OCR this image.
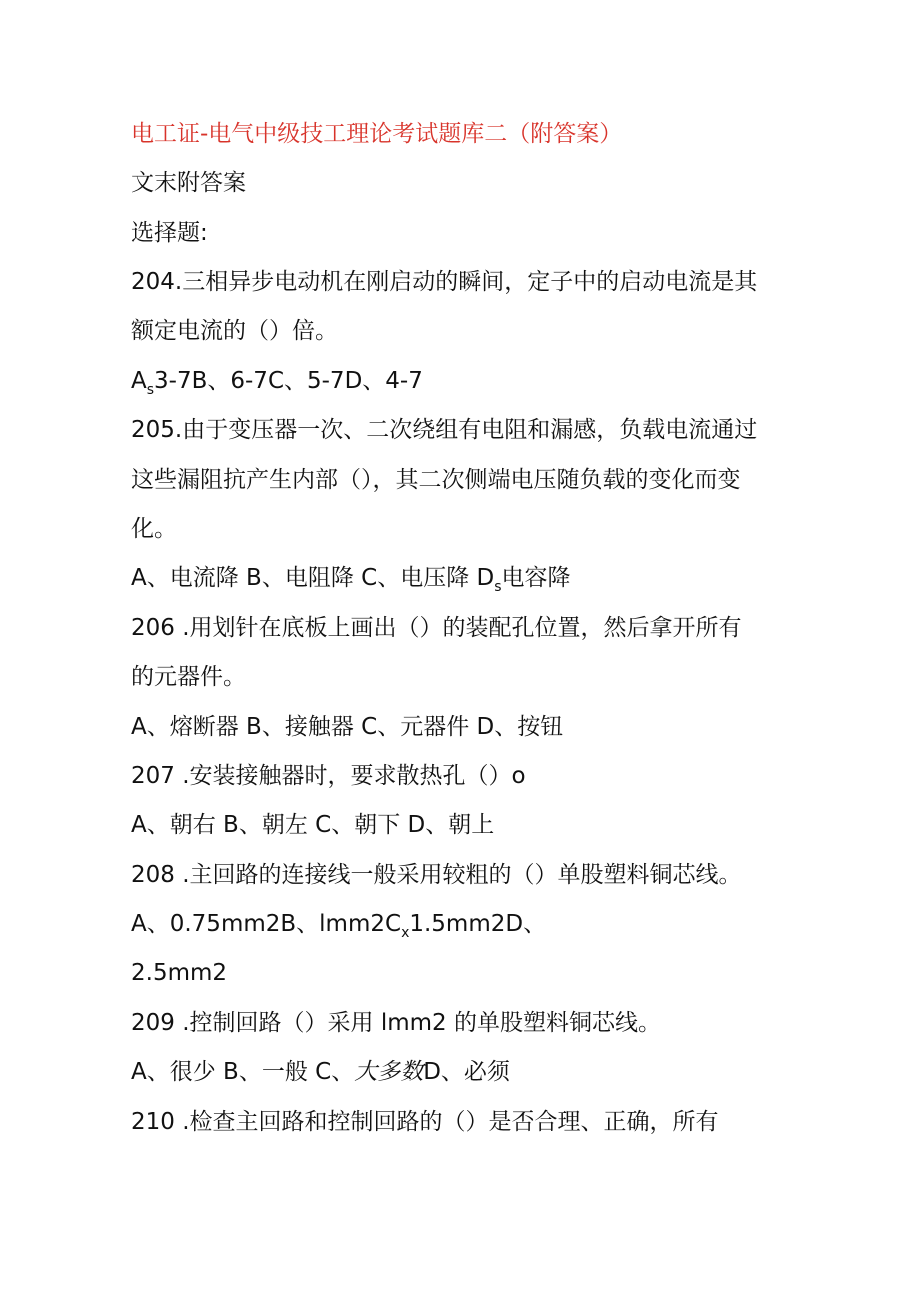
电工证-电气中级技工理论考试题库二（附答案）

文末附答案

选择题:

204.三相异步电动机在刚启动的瞬间，定子中的启动电流是其

额定电流的（）倍。

$A_s3-7B$、6-7C、5-7D、4-7

205.由于变压器一次、二次绕组有电阻和漏感，负载电流通过

这些漏阻抗产生内部（），其二次侧端电压随负载的变化而变

化。

A、电流降 B、电阻降 C、电压降 $D_s$电容降

206 .用划针在底板上画出（）的装配孔位置，然后拿开所有

的元器件。

A、熔断器 B、接触器 C、元器件 D、按钮

207 .安装接触器时，要求散热孔（）o

A、朝右 B、朝左 C、朝下 D、朝上

208 .主回路的连接线一般采用较粗的（）单股塑料铜芯线。

A、0.75mm2B、$lmm2C_x1.5mm2D$、

2.5mm2

209 .控制回路（）采用 lmm2 的单股塑料铜芯线。

A、很少 B、一般 C、大多数D、必须

210 .检查主回路和控制回路的（）是否合理、正确，所有
